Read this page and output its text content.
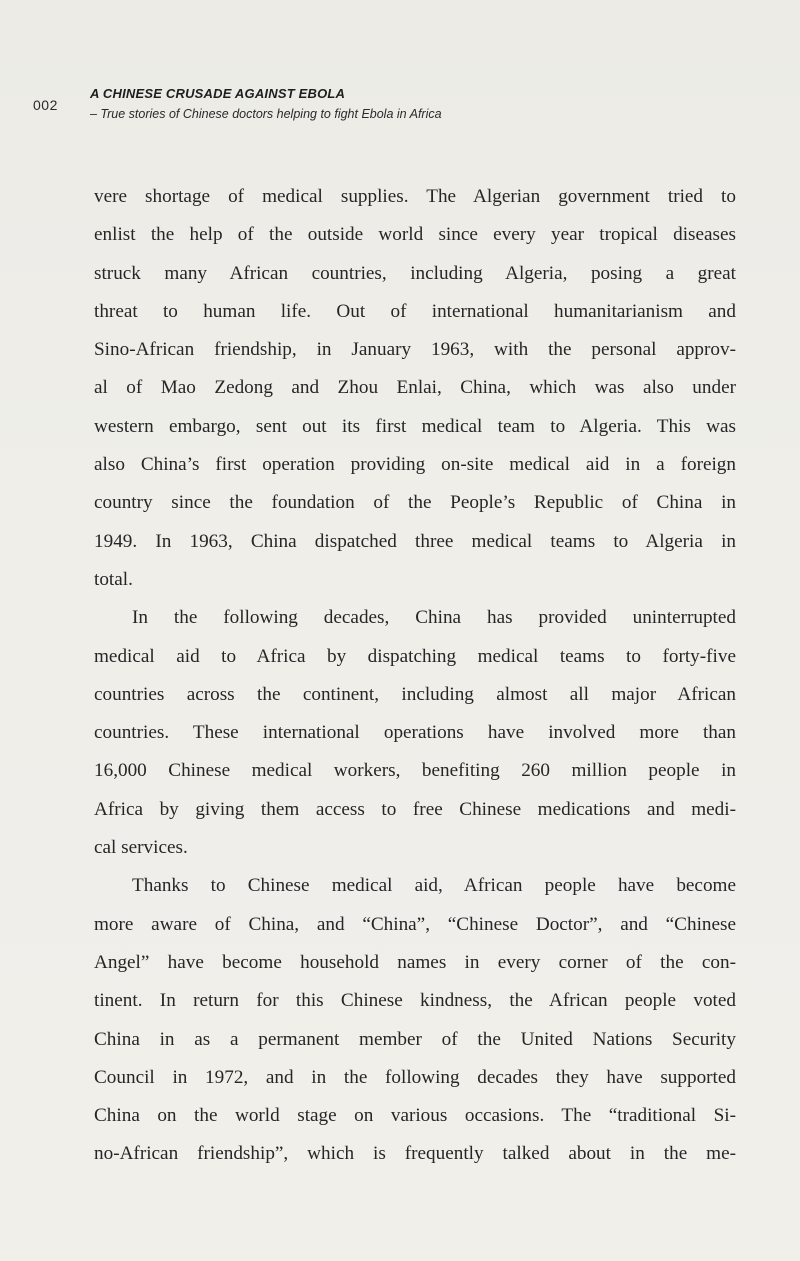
002
A CHINESE CRUSADE AGAINST EBOLA
– True stories of Chinese doctors helping to fight Ebola in Africa
vere shortage of medical supplies. The Algerian government tried to
enlist the help of the outside world since every year tropical diseases
struck many African countries, including Algeria, posing a great
threat to human life. Out of international humanitarianism and
Sino-African friendship, in January 1963, with the personal approv-
al of Mao Zedong and Zhou Enlai, China, which was also under
western embargo, sent out its first medical team to Algeria. This was
also China’s first operation providing on-site medical aid in a foreign
country since the foundation of the People’s Republic of China in
1949. In 1963, China dispatched three medical teams to Algeria in
total.
In the following decades, China has provided uninterrupted
medical aid to Africa by dispatching medical teams to forty-five
countries across the continent, including almost all major African
countries. These international operations have involved more than
16,000 Chinese medical workers, benefiting 260 million people in
Africa by giving them access to free Chinese medications and medi-
cal services.
Thanks to Chinese medical aid, African people have become
more aware of China, and “China”, “Chinese Doctor”, and “Chinese
Angel” have become household names in every corner of the con-
tinent. In return for this Chinese kindness, the African people voted
China in as a permanent member of the United Nations Security
Council in 1972, and in the following decades they have supported
China on the world stage on various occasions. The “traditional Si-
no-African friendship”, which is frequently talked about in the me-
